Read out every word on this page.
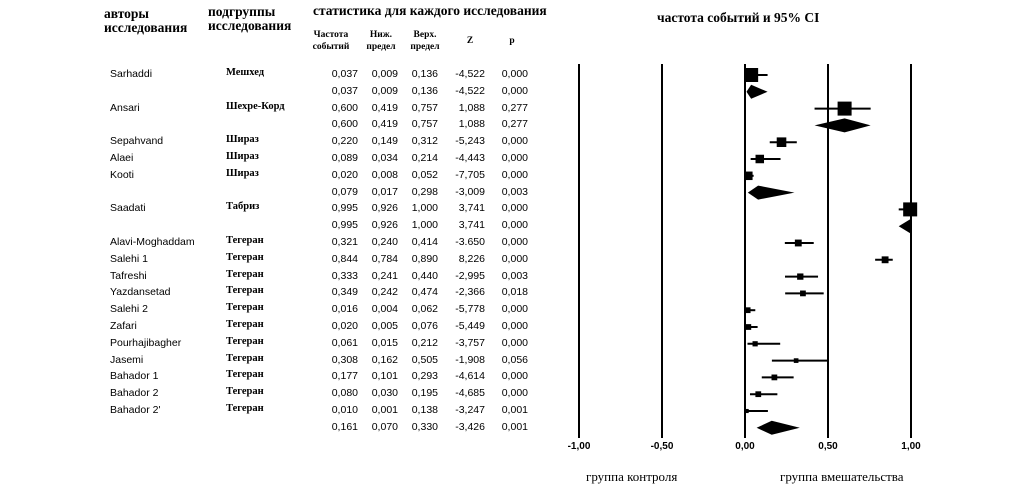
авторы
исследования
подгруппы
исследования
статистика для каждого исследования	частота событий и 95% CI
Частота
событий
Ниж.
предел
Верх.
предел
Z	p
Sarhaddi	Мешхед	0,037	0,009	0,136	-4,522	0,000
0,037	0,009	0,136	-4,522	0,000
Ansari	Шехре-Корд	0,600	0,419	0,757	1,088	0,277
0,600	0,419	0,757	1,088	0,277
Sepahvand	Шираз	0,220	0,149	0,312	-5,243	0,000
Alaei	Шираз	0,089	0,034	0,214	-4,443	0,000
Kooti	Шираз	0,020	0,008	0,052	-7,705	0,000
0,079	0,017	0,298	-3,009	0,003
Saadati	Табриз	0,995	0,926	1,000	3,741	0,000
0,995	0,926	1,000	3,741	0,000
Alavi-Moghaddam	Тегеран	0,321	0,240	0,414	-3.650	0,000
Salehi 1	Тегеран	0,844	0,784	0,890	8,226	0,000
Tafreshi	Тегеран	0,333	0,241	0,440	-2,995	0,003
Yazdansetad	Тегеран	0,349	0,242	0,474	-2,366	0,018
Salehi 2	Тегеран	0,016	0,004	0,062	-5,778	0,000
Zafari	Тегеран	0,020	0,005	0,076	-5,449	0,000
Pourhajibagher	Тегеран	0,061	0,015	0,212	-3,757	0,000
Jasemi	Тегеран	0,308	0,162	0,505	-1,908	0,056
Bahador 1	Тегеран	0,177	0,101	0,293	-4,614	0,000
Bahador 2	Тегеран	0,080	0,030	0,195	-4,685	0,000
Bahador 2'	Тегеран	0,010	0,001	0,138	-3,247	0,001
0,161	0,070	0,330	-3,426	0,001
-1,00	-0,50	0,00	0,50	1,00
группа контроля	группа вмешательства
